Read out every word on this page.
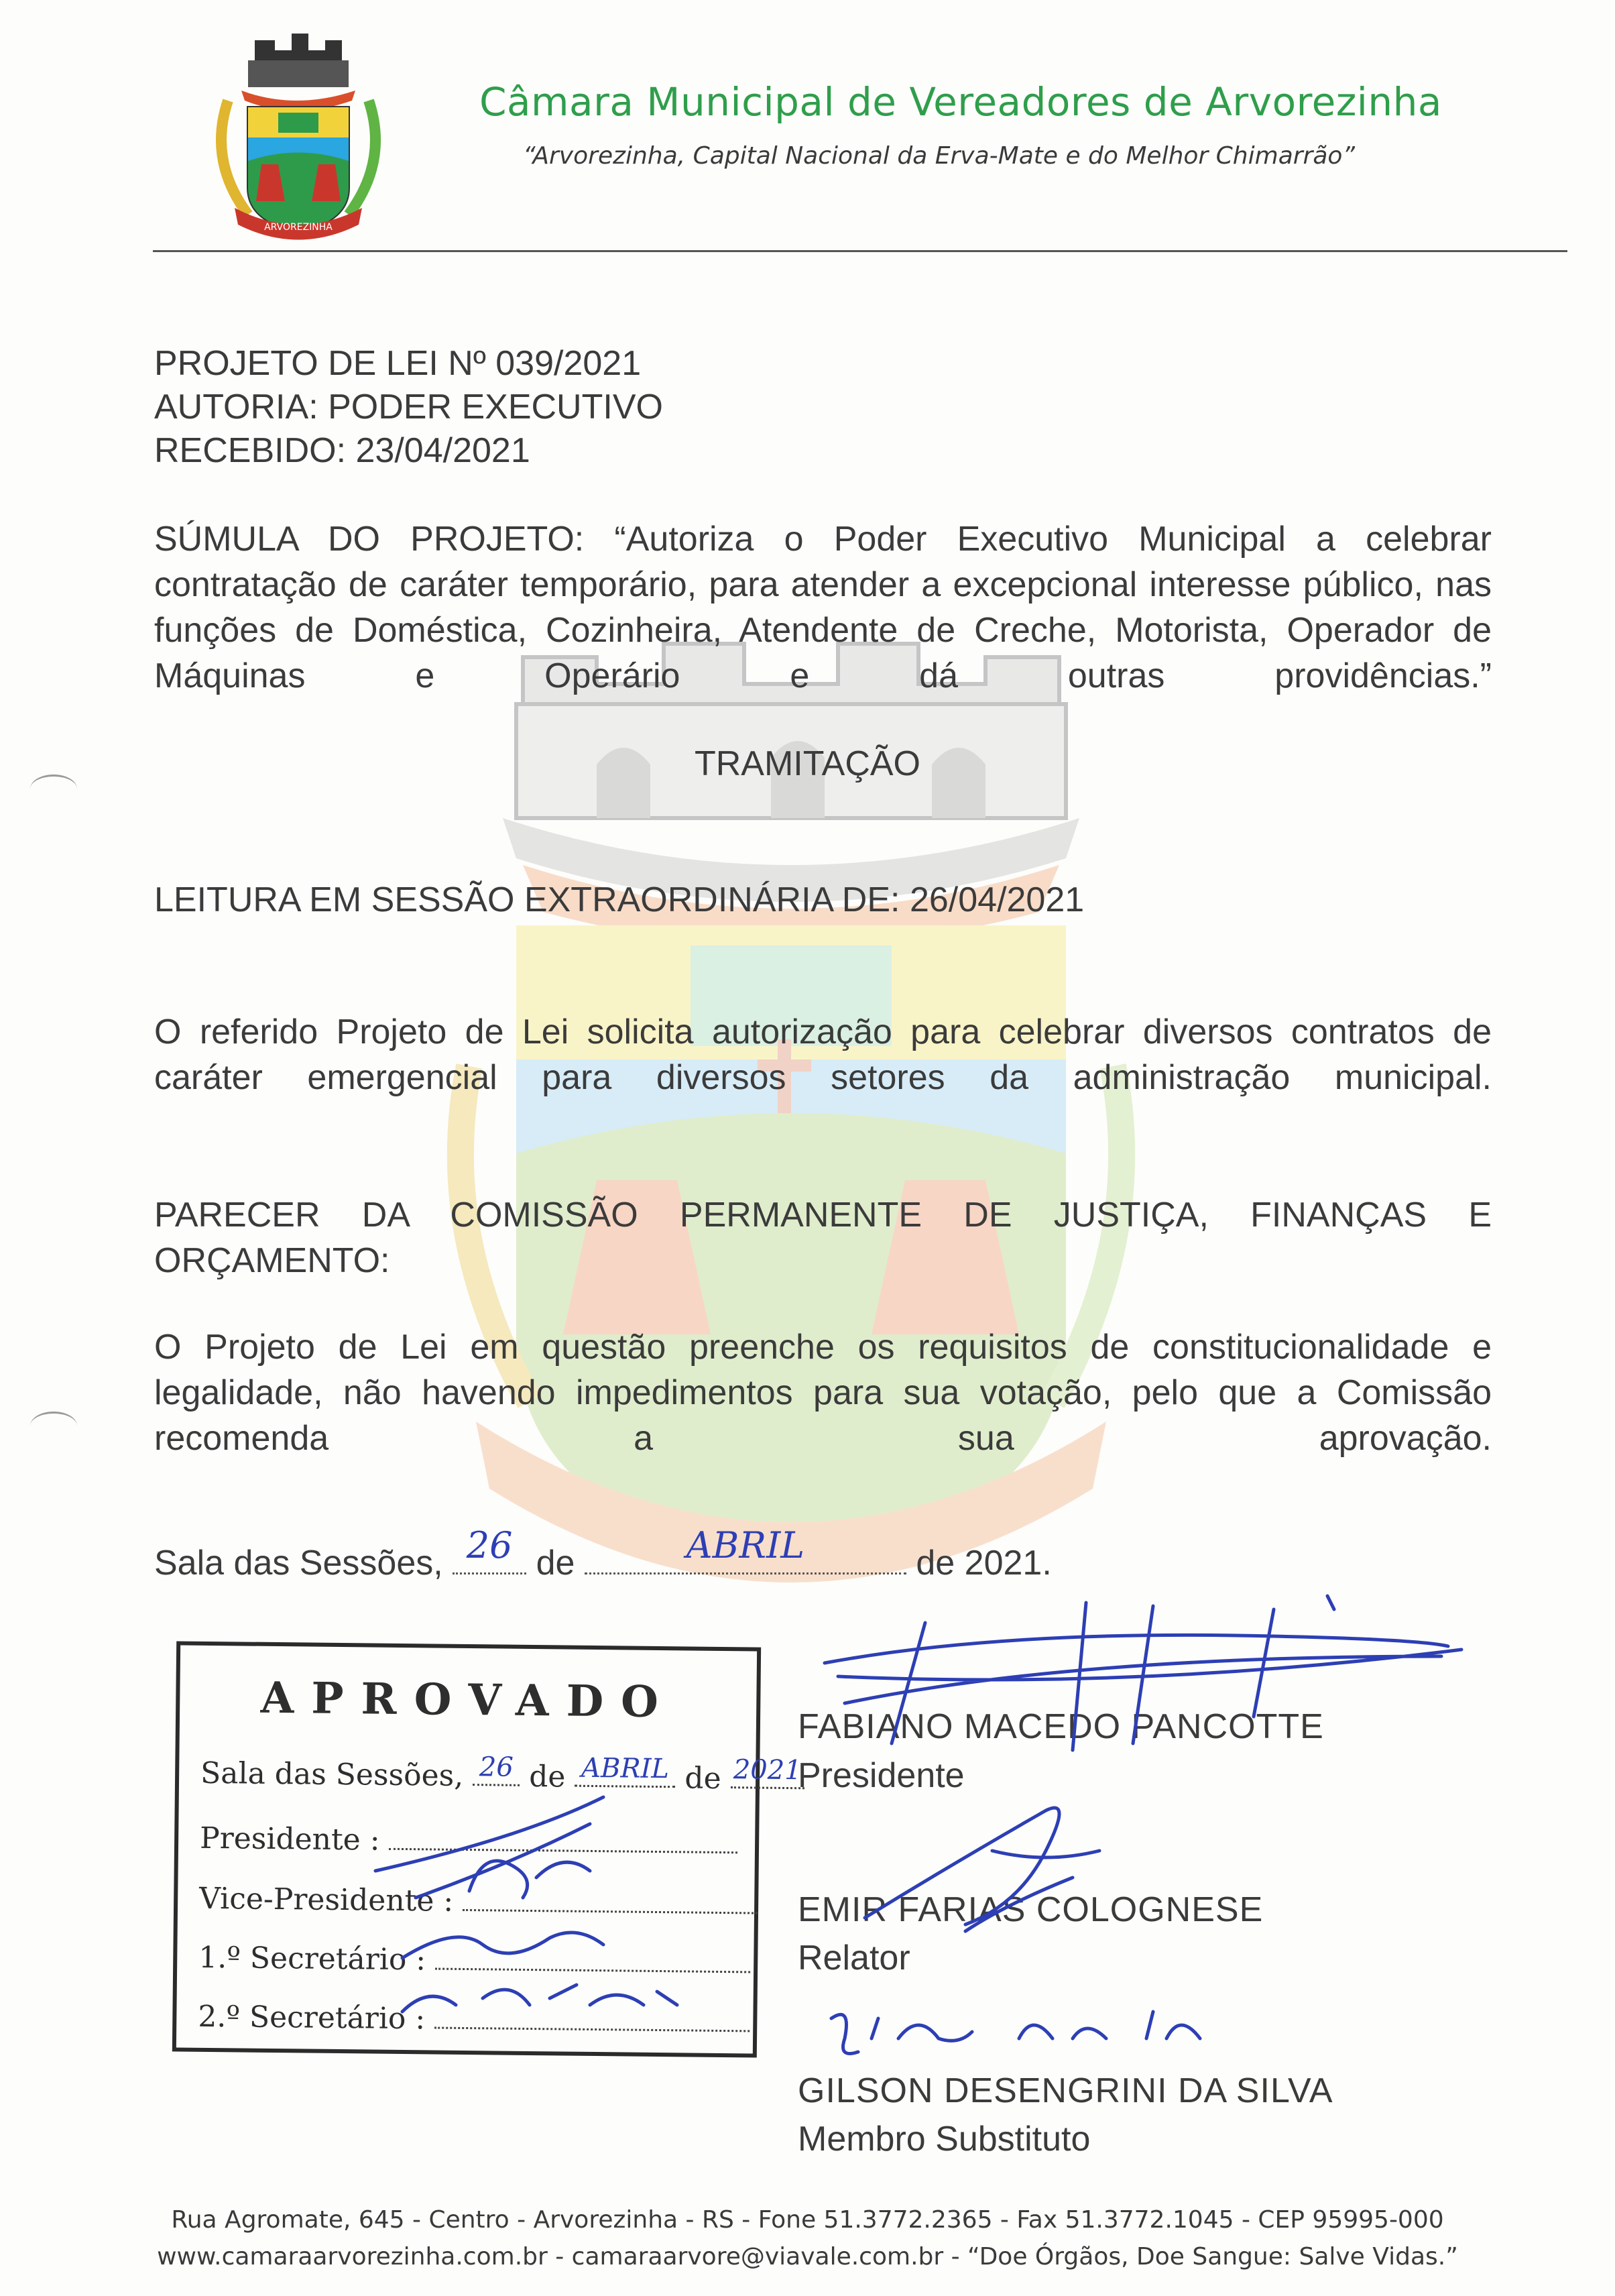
ARVOREZINHA
Câmara Municipal de Vereadores de Arvorezinha
“Arvorezinha, Capital Nacional da Erva-Mate e do Melhor Chimarrão”
PROJETO DE LEI Nº 039/2021
AUTORIA: PODER EXECUTIVO
RECEBIDO: 23/04/2021
SÚMULA DO PROJETO: “Autoriza o Poder Executivo Municipal a celebrar contratação de caráter temporário, para atender a excepcional interesse público, nas funções de Doméstica, Cozinheira, Atendente de Creche, Motorista, Operador de Máquinas e Operário e dá outras providências.”
TRAMITAÇÃO
LEITURA EM SESSÃO EXTRAORDINÁRIA DE: 26/04/2021
O referido Projeto de Lei solicita autorização para celebrar diversos contratos de caráter emergencial para diversos setores da administração municipal.
PARECER DA COMISSÃO PERMANENTE DE JUSTIÇA, FINANÇAS E ORÇAMENTO:
O Projeto de Lei em questão preenche os requisitos de constitucionalidade e legalidade, não havendo impedimentos para sua votação, pelo que a Comissão recomenda a sua aprovação.
Sala das Sessões, 26 de	ABRIL	de 2021.
APROVADO
Sala das Sessões, 26 de ABRIL de 2021
Presidente :
Vice-Presidente :
1.º Secretário :
2.º Secretário :
FABIANO MACEDO PANCOTTE
Presidente
EMIR FARIAS COLOGNESE
Relator
GILSON DESENGRINI DA SILVA
Membro Substituto
Rua Agromate, 645 - Centro - Arvorezinha - RS - Fone 51.3772.2365 - Fax 51.3772.1045 - CEP 95995-000
www.camaraarvorezinha.com.br - camaraarvore@viavale.com.br - “Doe Órgãos, Doe Sangue: Salve Vidas.”
